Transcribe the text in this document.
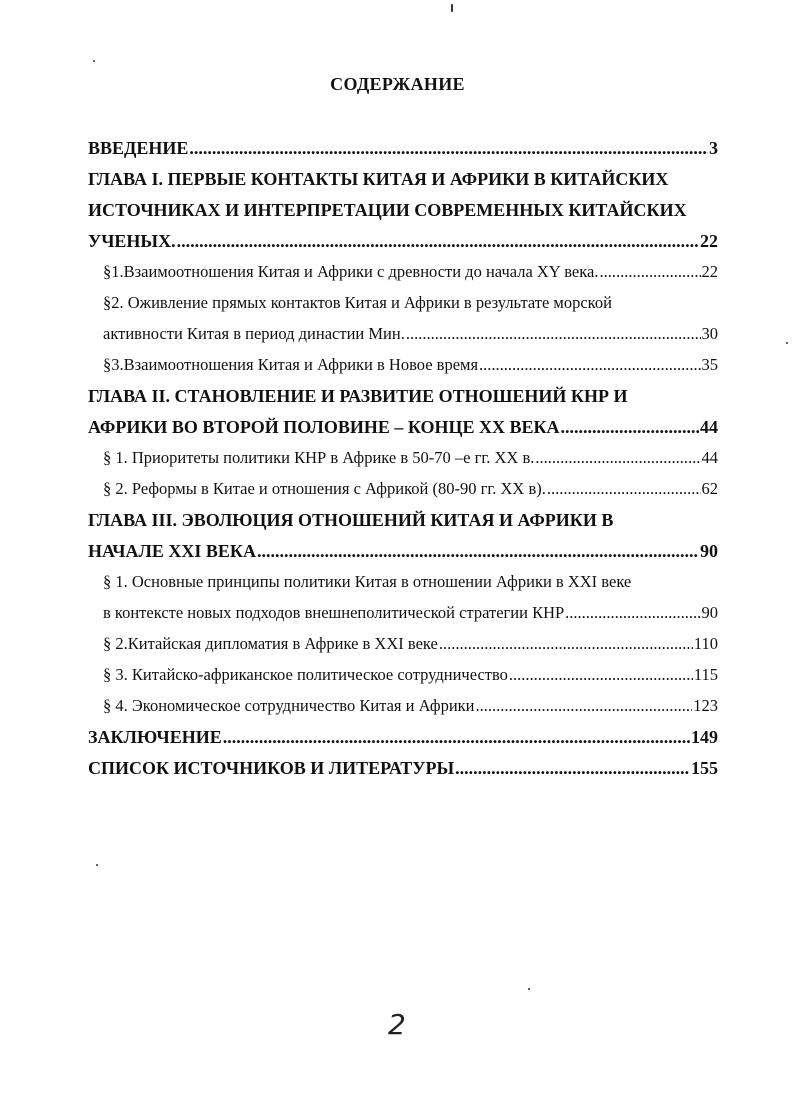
СОДЕРЖАНИЕ
ВВЕДЕНИЕ .....	3
ГЛАВА I. ПЕРВЫЕ КОНТАКТЫ КИТАЯ И АФРИКИ В КИТАЙСКИХ
ИСТОЧНИКАХ И ИНТЕРПРЕТАЦИИ СОВРЕМЕННЫХ КИТАЙСКИХ
УЧЕНЫХ. .....	22
§1.Взаимоотношения Китая и Африки с древности до начала XY века. .....	22
§2. Оживление прямых контактов Китая и Африки в результате морской
активности Китая в период династии Мин. .....	30
§3.Взаимоотношения Китая и Африки в Новое время .....	35
ГЛАВА II. СТАНОВЛЕНИЕ И РАЗВИТИЕ ОТНОШЕНИЙ КНР И
АФРИКИ ВО ВТОРОЙ ПОЛОВИНЕ – КОНЦЕ XX ВЕКА .....	44
§ 1. Приоритеты политики КНР в Африке в 50-70 –е гг. XX в. .....	44
§ 2. Реформы в Китае и отношения с Африкой (80-90 гг. XX в). .....	62
ГЛАВА III. ЭВОЛЮЦИЯ ОТНОШЕНИЙ КИТАЯ И АФРИКИ В
НАЧАЛЕ XXI ВЕКА .....	90
§ 1. Основные принципы политики Китая в отношении Африки в XXI веке
в контексте новых подходов внешнеполитической стратегии КНР .....	90
§ 2.Китайская дипломатия в Африке в XXI веке .....	110
§ 3. Китайско-африканское политическое сотрудничество .....	115
§ 4. Экономическое сотрудничество Китая и Африки .....	123
ЗАКЛЮЧЕНИЕ .....	149
СПИСОК ИСТОЧНИКОВ И ЛИТЕРАТУРЫ .....	155
2
